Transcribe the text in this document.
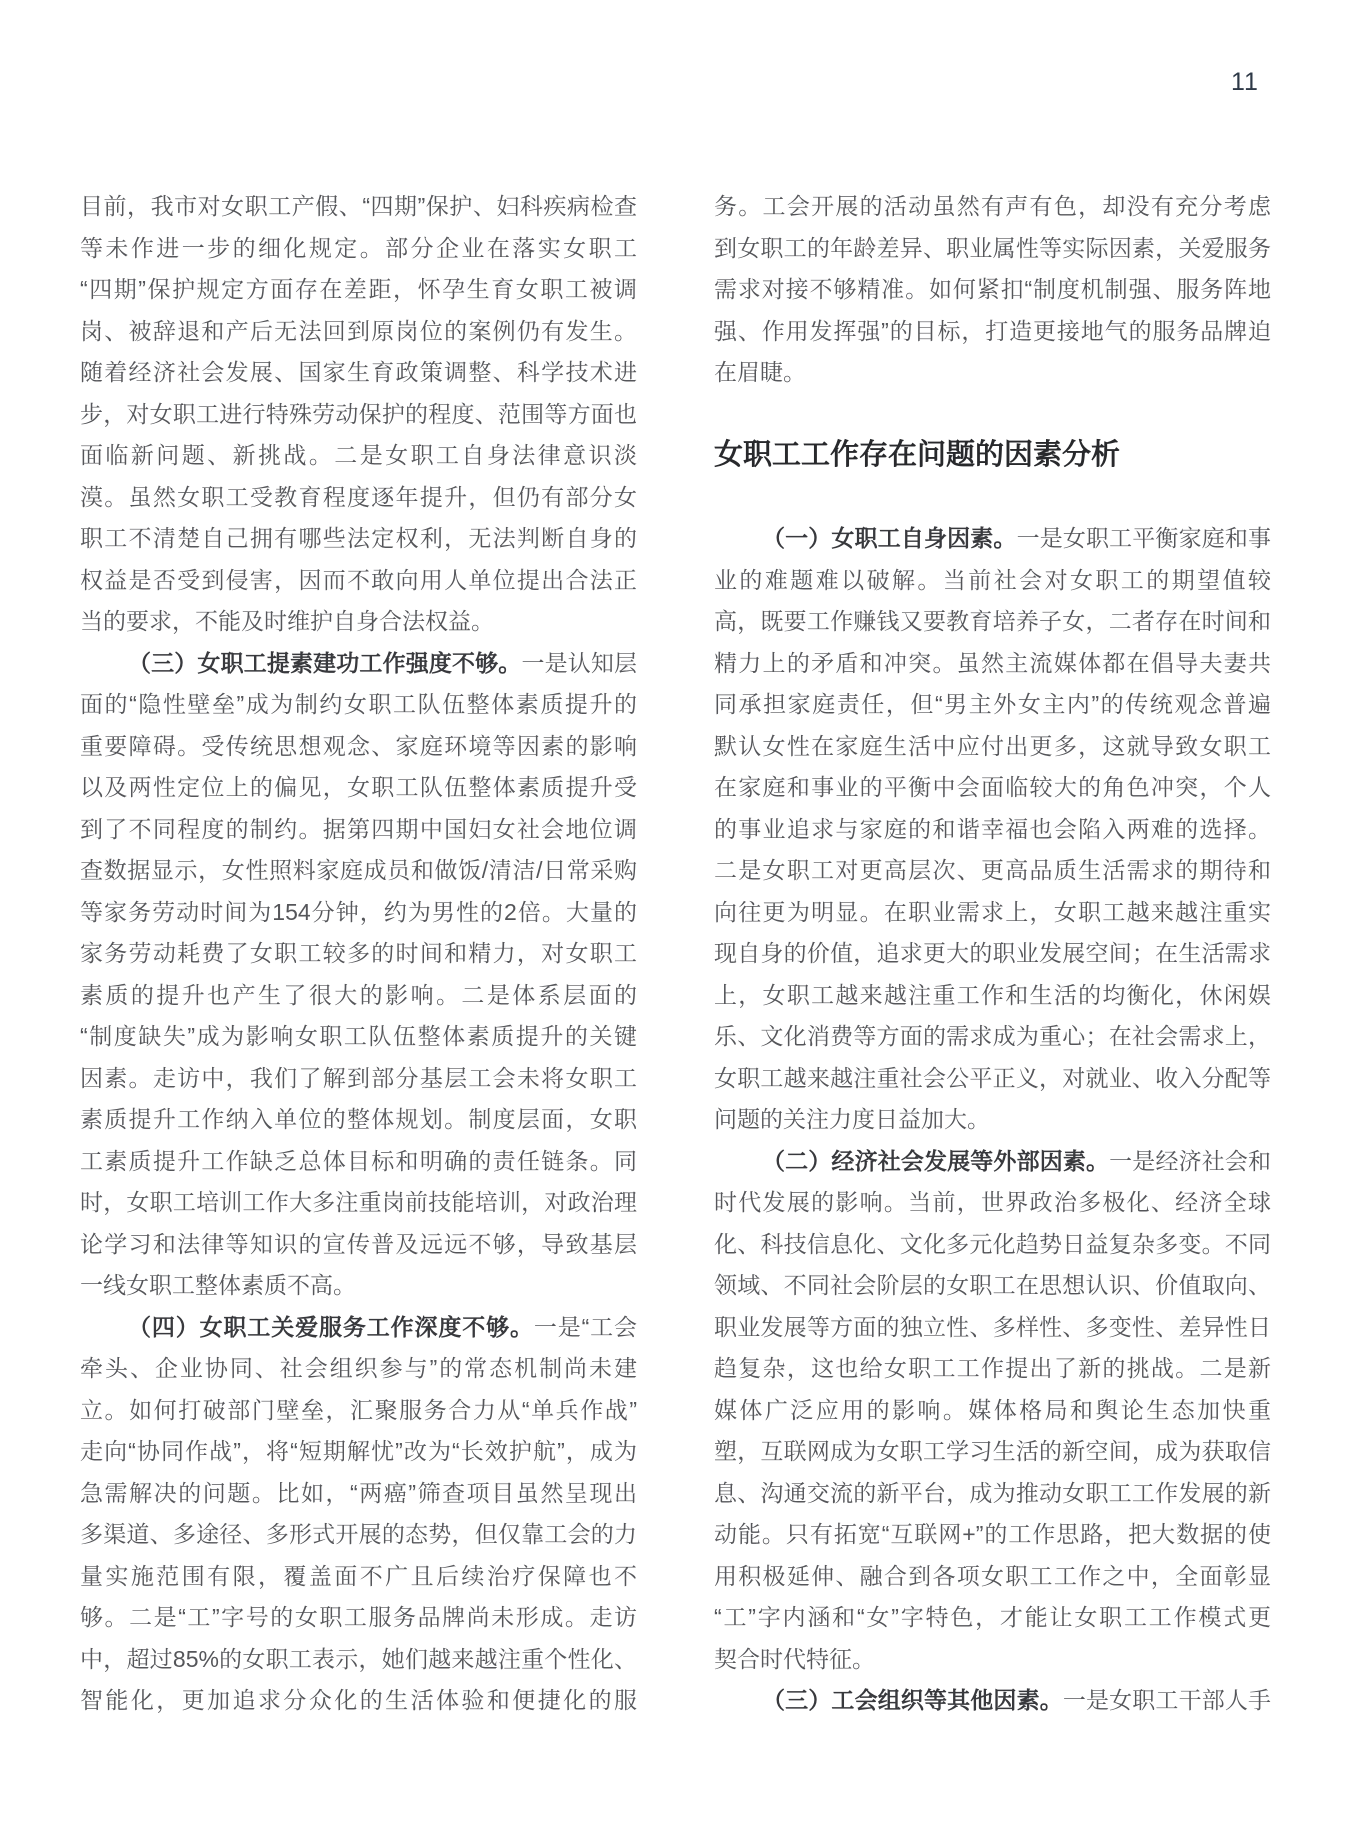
11
目前，我市对女职工产假、“四期”保护、妇科疾病检查
等未作进一步的细化规定。部分企业在落实女职工
“四期”保护规定方面存在差距，怀孕生育女职工被调
岗、被辞退和产后无法回到原岗位的案例仍有发生。
随着经济社会发展、国家生育政策调整、科学技术进
步，对女职工进行特殊劳动保护的程度、范围等方面也
面临新问题、新挑战。二是女职工自身法律意识淡
漠。虽然女职工受教育程度逐年提升，但仍有部分女
职工不清楚自己拥有哪些法定权利，无法判断自身的
权益是否受到侵害，因而不敢向用人单位提出合法正
当的要求，不能及时维护自身合法权益。
（三）女职工提素建功工作强度不够。一是认知层
面的“隐性壁垒”成为制约女职工队伍整体素质提升的
重要障碍。受传统思想观念、家庭环境等因素的影响
以及两性定位上的偏见，女职工队伍整体素质提升受
到了不同程度的制约。据第四期中国妇女社会地位调
查数据显示，女性照料家庭成员和做饭/清洁/日常采购
等家务劳动时间为154分钟，约为男性的2倍。大量的
家务劳动耗费了女职工较多的时间和精力，对女职工
素质的提升也产生了很大的影响。二是体系层面的
“制度缺失”成为影响女职工队伍整体素质提升的关键
因素。走访中，我们了解到部分基层工会未将女职工
素质提升工作纳入单位的整体规划。制度层面，女职
工素质提升工作缺乏总体目标和明确的责任链条。同
时，女职工培训工作大多注重岗前技能培训，对政治理
论学习和法律等知识的宣传普及远远不够，导致基层
一线女职工整体素质不高。
（四）女职工关爱服务工作深度不够。一是“工会
牵头、企业协同、社会组织参与”的常态机制尚未建
立。如何打破部门壁垒，汇聚服务合力从“单兵作战”
走向“协同作战”，将“短期解忧”改为“长效护航”，成为
急需解决的问题。比如，“两癌”筛查项目虽然呈现出
多渠道、多途径、多形式开展的态势，但仅靠工会的力
量实施范围有限，覆盖面不广且后续治疗保障也不
够。二是“工”字号的女职工服务品牌尚未形成。走访
中，超过85%的女职工表示，她们越来越注重个性化、
智能化，更加追求分众化的生活体验和便捷化的服
务。工会开展的活动虽然有声有色，却没有充分考虑
到女职工的年龄差异、职业属性等实际因素，关爱服务
需求对接不够精准。如何紧扣“制度机制强、服务阵地
强、作用发挥强”的目标，打造更接地气的服务品牌迫
在眉睫。
女职工工作存在问题的因素分析
（一）女职工自身因素。一是女职工平衡家庭和事
业的难题难以破解。当前社会对女职工的期望值较
高，既要工作赚钱又要教育培养子女，二者存在时间和
精力上的矛盾和冲突。虽然主流媒体都在倡导夫妻共
同承担家庭责任，但“男主外女主内”的传统观念普遍
默认女性在家庭生活中应付出更多，这就导致女职工
在家庭和事业的平衡中会面临较大的角色冲突，个人
的事业追求与家庭的和谐幸福也会陷入两难的选择。
二是女职工对更高层次、更高品质生活需求的期待和
向往更为明显。在职业需求上，女职工越来越注重实
现自身的价值，追求更大的职业发展空间；在生活需求
上，女职工越来越注重工作和生活的均衡化，休闲娱
乐、文化消费等方面的需求成为重心；在社会需求上，
女职工越来越注重社会公平正义，对就业、收入分配等
问题的关注力度日益加大。
（二）经济社会发展等外部因素。一是经济社会和
时代发展的影响。当前，世界政治多极化、经济全球
化、科技信息化、文化多元化趋势日益复杂多变。不同
领域、不同社会阶层的女职工在思想认识、价值取向、
职业发展等方面的独立性、多样性、多变性、差异性日
趋复杂，这也给女职工工作提出了新的挑战。二是新
媒体广泛应用的影响。媒体格局和舆论生态加快重
塑，互联网成为女职工学习生活的新空间，成为获取信
息、沟通交流的新平台，成为推动女职工工作发展的新
动能。只有拓宽“互联网+”的工作思路，把大数据的使
用积极延伸、融合到各项女职工工作之中，全面彰显
“工”字内涵和“女”字特色，才能让女职工工作模式更
契合时代特征。
（三）工会组织等其他因素。一是女职工干部人手
